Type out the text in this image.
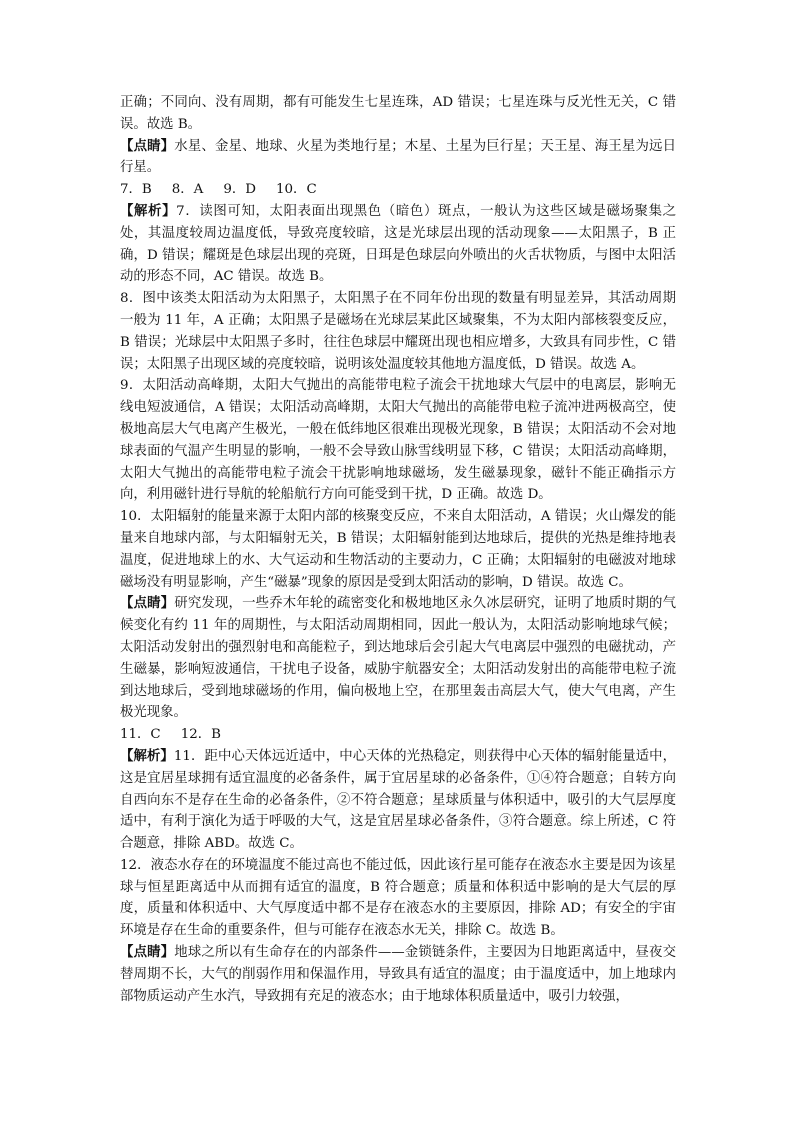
正确；不同向、没有周期，都有可能发生七星连珠，AD 错误；七星连珠与反光性无关，C 错误。故选 B。

【点睛】水星、金星、地球、火星为类地行星；木星、土星为巨行星；天王星、海王星为远日行星。

7．B 8．A 9．D 10．C

【解析】7．读图可知，太阳表面出现黑色（暗色）斑点，一般认为这些区域是磁场聚集之处，其温度较周边温度低，导致亮度较暗，这是光球层出现的活动现象——太阳黑子，B 正确，D 错误；耀斑是色球层出现的亮斑，日珥是色球层向外喷出的火舌状物质，与图中太阳活动的形态不同，AC 错误。故选 B。

8．图中该类太阳活动为太阳黑子，太阳黑子在不同年份出现的数量有明显差异，其活动周期一般为 11 年，A 正确；太阳黑子是磁场在光球层某此区域聚集，不为太阳内部核裂变反应，B 错误；光球层中太阳黑子多时，往往色球层中耀斑出现也相应增多，大致具有同步性，C 错误；太阳黑子出现区域的亮度较暗，说明该处温度较其他地方温度低，D 错误。故选 A。

9．太阳活动高峰期，太阳大气抛出的高能带电粒子流会干扰地球大气层中的电离层，影响无线电短波通信，A 错误；太阳活动高峰期，太阳大气抛出的高能带电粒子流冲进两极高空，使极地高层大气电离产生极光，一般在低纬地区很难出现极光现象，B 错误；太阳活动不会对地球表面的气温产生明显的影响，一般不会导致山脉雪线明显下移，C 错误；太阳活动高峰期，太阳大气抛出的高能带电粒子流会干扰影响地球磁场，发生磁暴现象，磁针不能正确指示方向，利用磁针进行导航的轮船航行方向可能受到干扰，D 正确。故选 D。

10．太阳辐射的能量来源于太阳内部的核聚变反应，不来自太阳活动，A 错误；火山爆发的能量来自地球内部，与太阳辐射无关，B 错误；太阳辐射能到达地球后，提供的光热是维持地表温度，促进地球上的水、大气运动和生物活动的主要动力，C 正确；太阳辐射的电磁波对地球磁场没有明显影响，产生“磁暴”现象的原因是受到太阳活动的影响，D 错误。故选 C。

【点睛】研究发现，一些乔木年轮的疏密变化和极地地区永久冰层研究，证明了地质时期的气候变化有约 11 年的周期性，与太阳活动周期相同，因此一般认为，太阳活动影响地球气候；太阳活动发射出的强烈射电和高能粒子，到达地球后会引起大气电离层中强烈的电磁扰动，产生磁暴，影响短波通信，干扰电子设备，威胁宇航器安全；太阳活动发射出的高能带电粒子流到达地球后，受到地球磁场的作用，偏向极地上空，在那里轰击高层大气，使大气电离，产生极光现象。

11．C 12．B

【解析】11．距中心天体远近适中，中心天体的光热稳定，则获得中心天体的辐射能量适中，这是宜居星球拥有适宜温度的必备条件，属于宜居星球的必备条件，①④符合题意；自转方向自西向东不是存在生命的必备条件，②不符合题意；星球质量与体积适中，吸引的大气层厚度适中，有利于演化为适于呼吸的大气，这是宜居星球必备条件，③符合题意。综上所述，C 符合题意，排除 ABD。故选 C。

12．液态水存在的环境温度不能过高也不能过低，因此该行星可能存在液态水主要是因为该星球与恒星距离适中从而拥有适宜的温度，B 符合题意；质量和体积适中影响的是大气层的厚度，质量和体积适中、大气厚度适中都不是存在液态水的主要原因，排除 AD；有安全的宇宙环境是存在生命的重要条件，但与可能存在液态水无关，排除 C。故选 B。

【点睛】地球之所以有生命存在的内部条件——金锁链条件，主要因为日地距离适中，昼夜交替周期不长，大气的削弱作用和保温作用，导致具有适宜的温度；由于温度适中，加上地球内部物质运动产生水汽，导致拥有充足的液态水；由于地球体积质量适中，吸引力较强，
